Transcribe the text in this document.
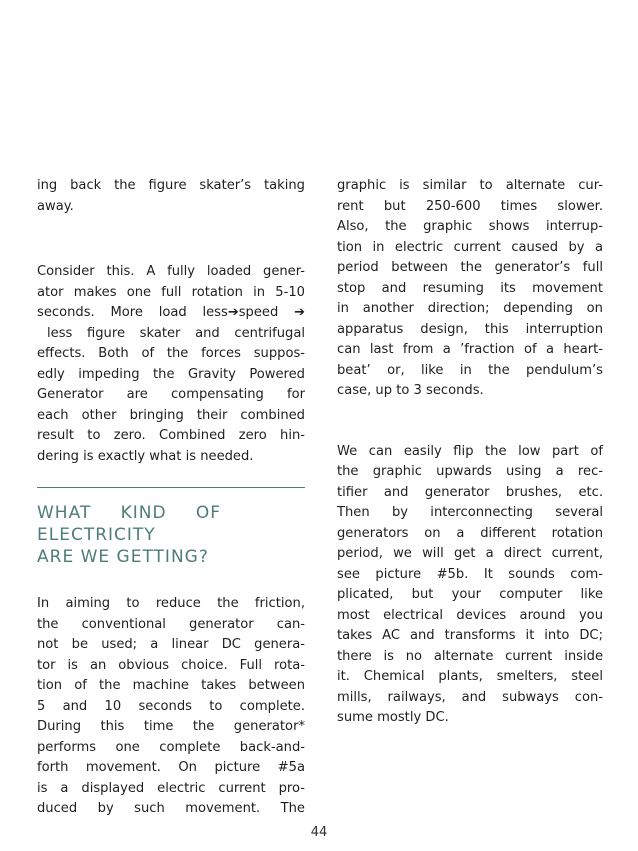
ing back the figure skater’s taking
away.

Consider this. A fully loaded gener-
ator makes one full rotation in 5-10
seconds. More load less➔speed ➔
less figure skater and centrifugal
effects. Both of the forces suppos-
edly impeding the Gravity Powered
Generator are compensating for
each other bringing their combined
result to zero. Combined zero hin-
dering is exactly what is needed.

WHAT KIND OF
ELECTRICITY
ARE WE GETTING?

In aiming to reduce the friction,
the conventional generator can-
not be used; a linear DC genera-
tor is an obvious choice. Full rota-
tion of the machine takes between
5 and 10 seconds to complete.
During this time the generator*
performs one complete back-and-
forth movement. On picture #5a
is a displayed electric current pro-
duced by such movement. The

graphic is similar to alternate cur-
rent but 250-600 times slower.
Also, the graphic shows interrup-
tion in electric current caused by a
period between the generator’s full
stop and resuming its movement
in another direction; depending on
apparatus design, this interruption
can last from a ’fraction of a heart-
beat’ or, like in the pendulum’s
case, up to 3 seconds.

We can easily flip the low part of
the graphic upwards using a rec-
tifier and generator brushes, etc.
Then by interconnecting several
generators on a different rotation
period, we will get a direct current,
see picture #5b. It sounds com-
plicated, but your computer like
most electrical devices around you
takes AC and transforms it into DC;
there is no alternate current inside
it. Chemical plants, smelters, steel
mills, railways, and subways con-
sume mostly DC.

44
